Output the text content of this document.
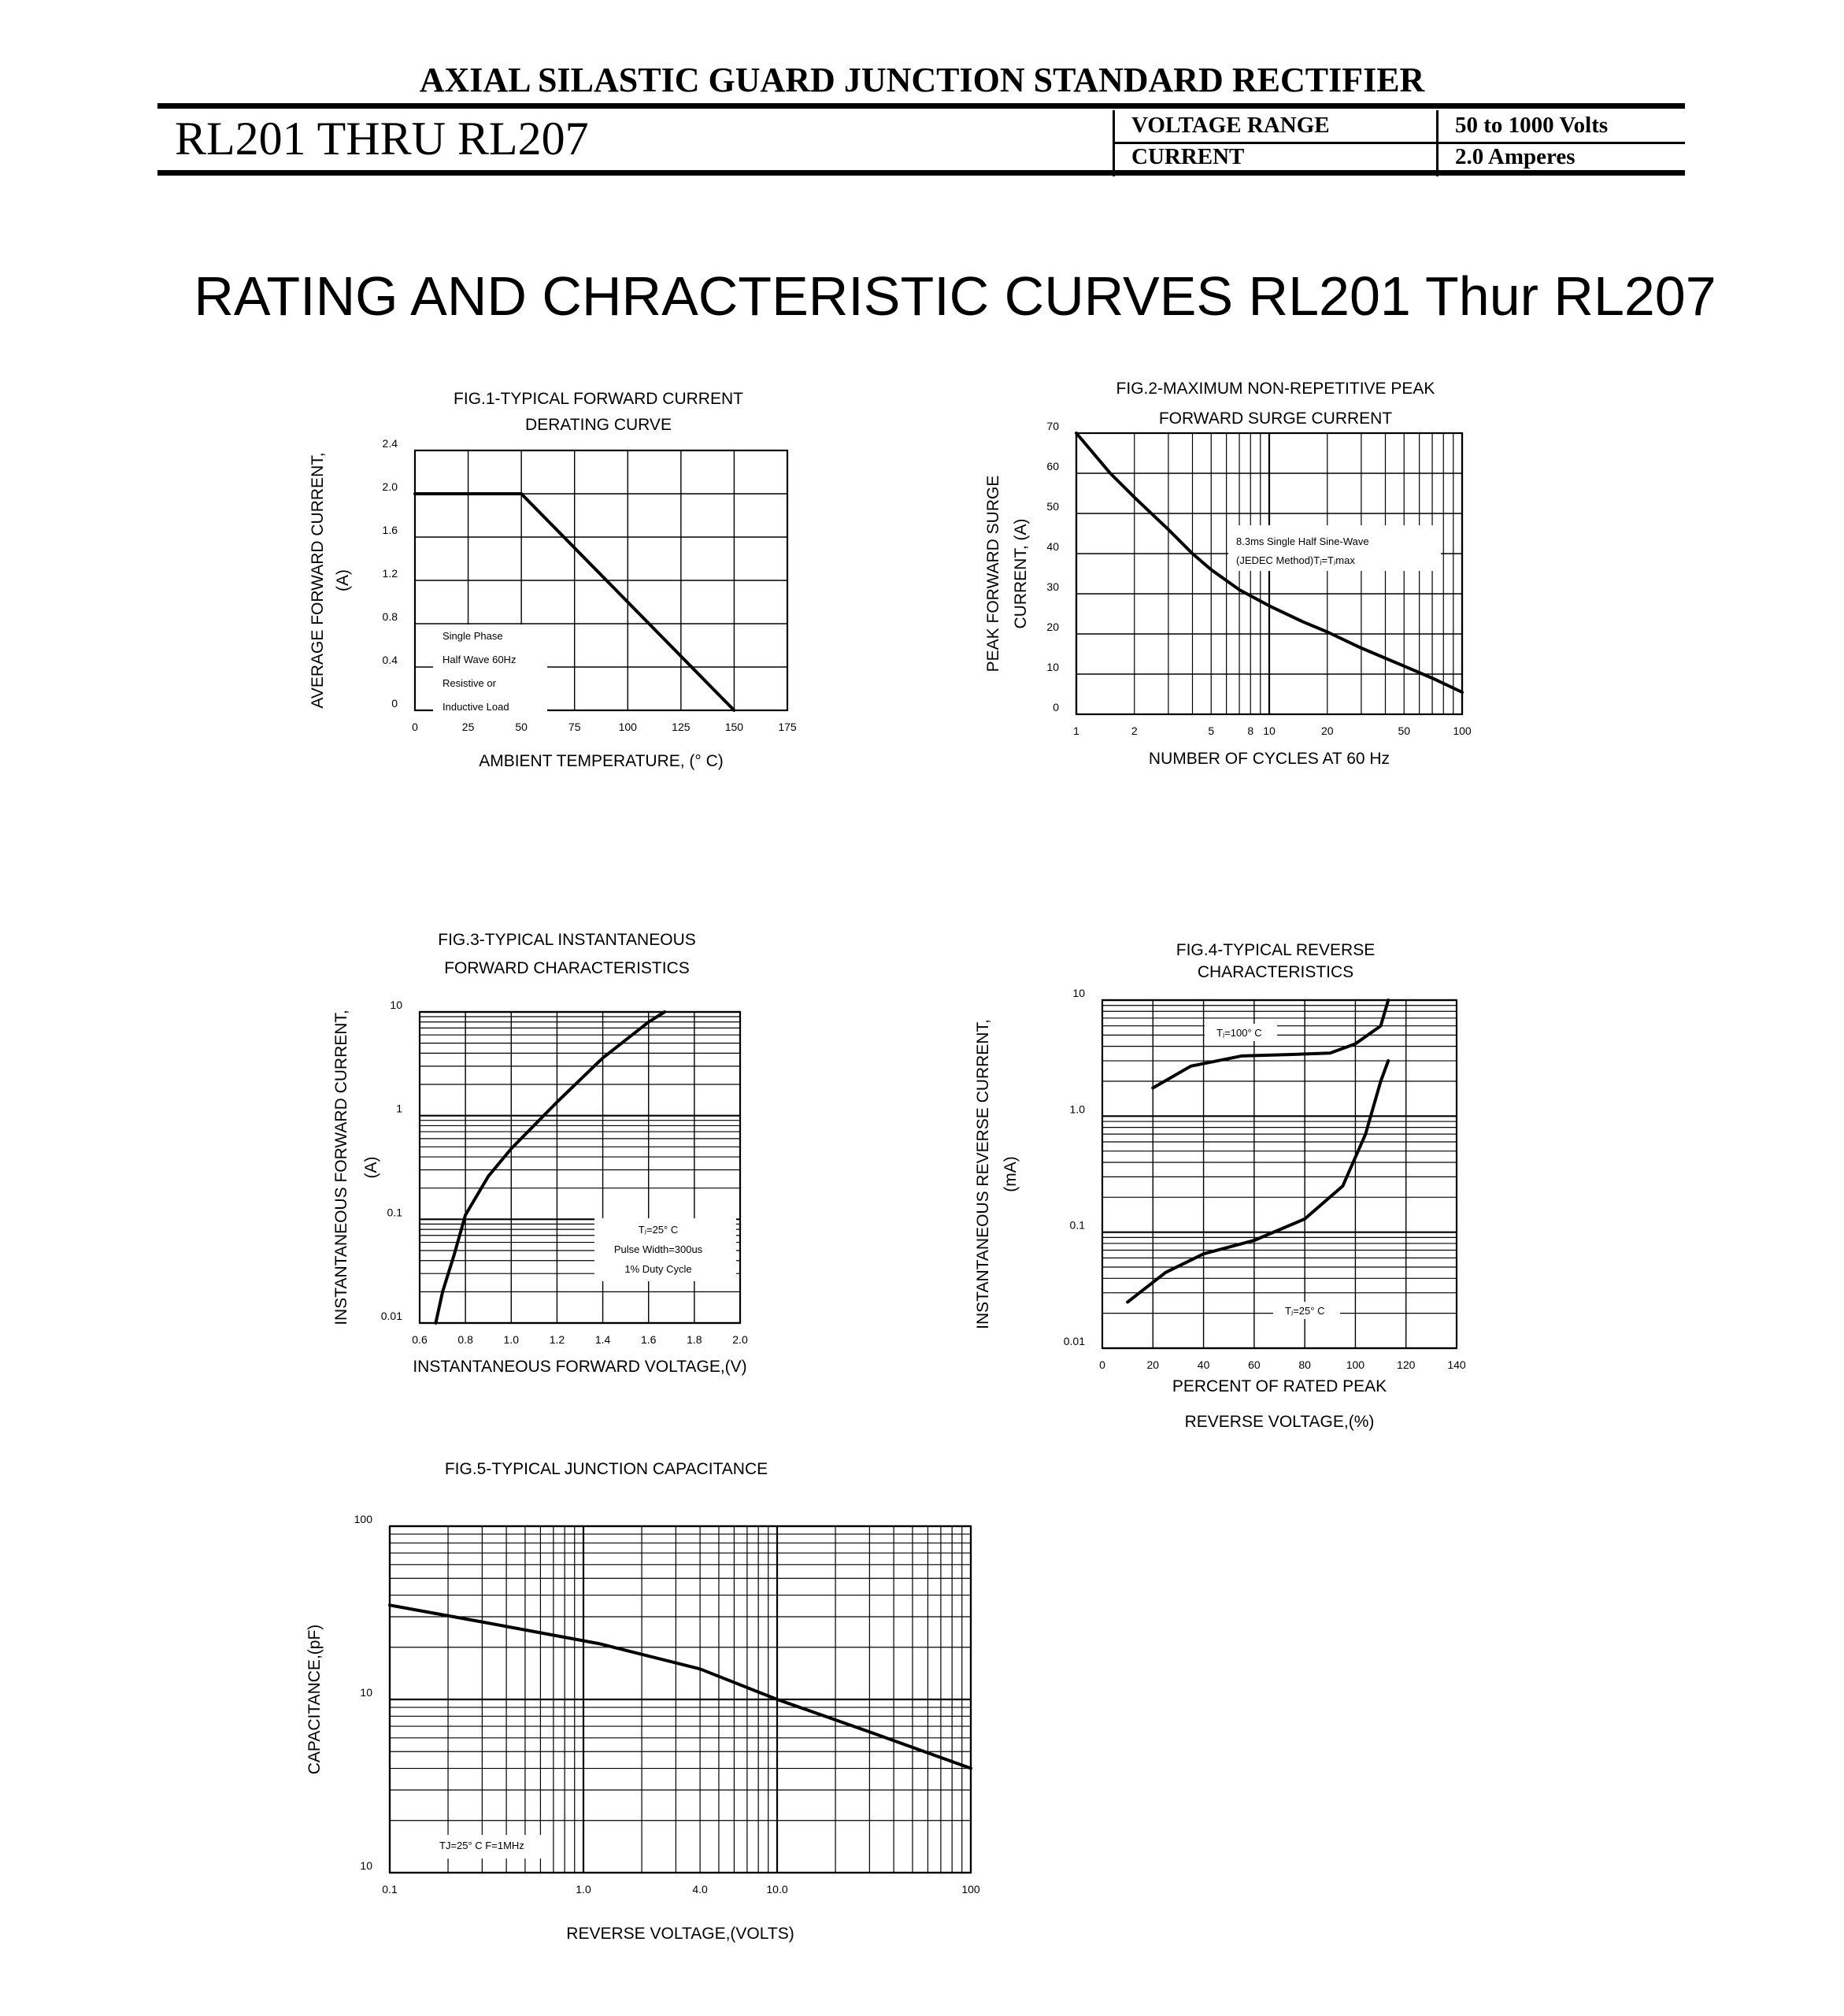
AXIAL SILASTIC GUARD JUNCTION STANDARD RECTIFIER
RL201 THRU RL207	VOLTAGE RANGE	50 to 1000 Volts
CURRENT	2.0 Amperes
RATING AND CHRACTERISTIC CURVES RL201 Thur RL207
0	25	50	75	100	125	150	175
0
0.4
0.8
1.2
1.6
2.0
2.4
FIG.1-TYPICAL FORWARD CURRENT
DERATING CURVE
AMBIENT TEMPERATURE, (° C)
AVERAGE FORWARD CURRENT, (A)
Single Phase
Half Wave 60Hz
Resistive or
Inductive Load
1	2	5	8 10	20	50	100
0
10
20
30
40
50
60
70
FIG.2-MAXIMUM NON-REPETITIVE PEAK
FORWARD SURGE CURRENT
NUMBER OF CYCLES AT 60 Hz
PEAK FORWARD SURGE CURRENT, (A)	8.3ms Single Half Sine-Wave
(JEDEC Method)Tⱼ=Tⱼmax
0.6	0.8	1.0	1.2	1.4	1.6	1.8	2.0
0.01
0.1
1
10
FIG.3-TYPICAL INSTANTANEOUS
FORWARD CHARACTERISTICS
INSTANTANEOUS FORWARD VOLTAGE,(V)
INSTANTANEOUS FORWARD CURRENT, (A)
Tⱼ=25° C
Pulse Width=300us
1% Duty Cycle
0	20	40	60	80	100	120	140
0.01
0.1
1.0
10
FIG.4-TYPICAL REVERSE
CHARACTERISTICS
PERCENT OF RATED PEAK
REVERSE VOLTAGE,(%)
INSTANTANEOUS REVERSE CURRENT, (mA)
Tⱼ=100° C
Tⱼ=25° C
0.1	1.0	4.0	10.0	100
10
10
100
FIG.5-TYPICAL JUNCTION CAPACITANCE
REVERSE VOLTAGE,(VOLTS)
CAPACITANCE,(pF)
TJ=25° C F=1MHz
